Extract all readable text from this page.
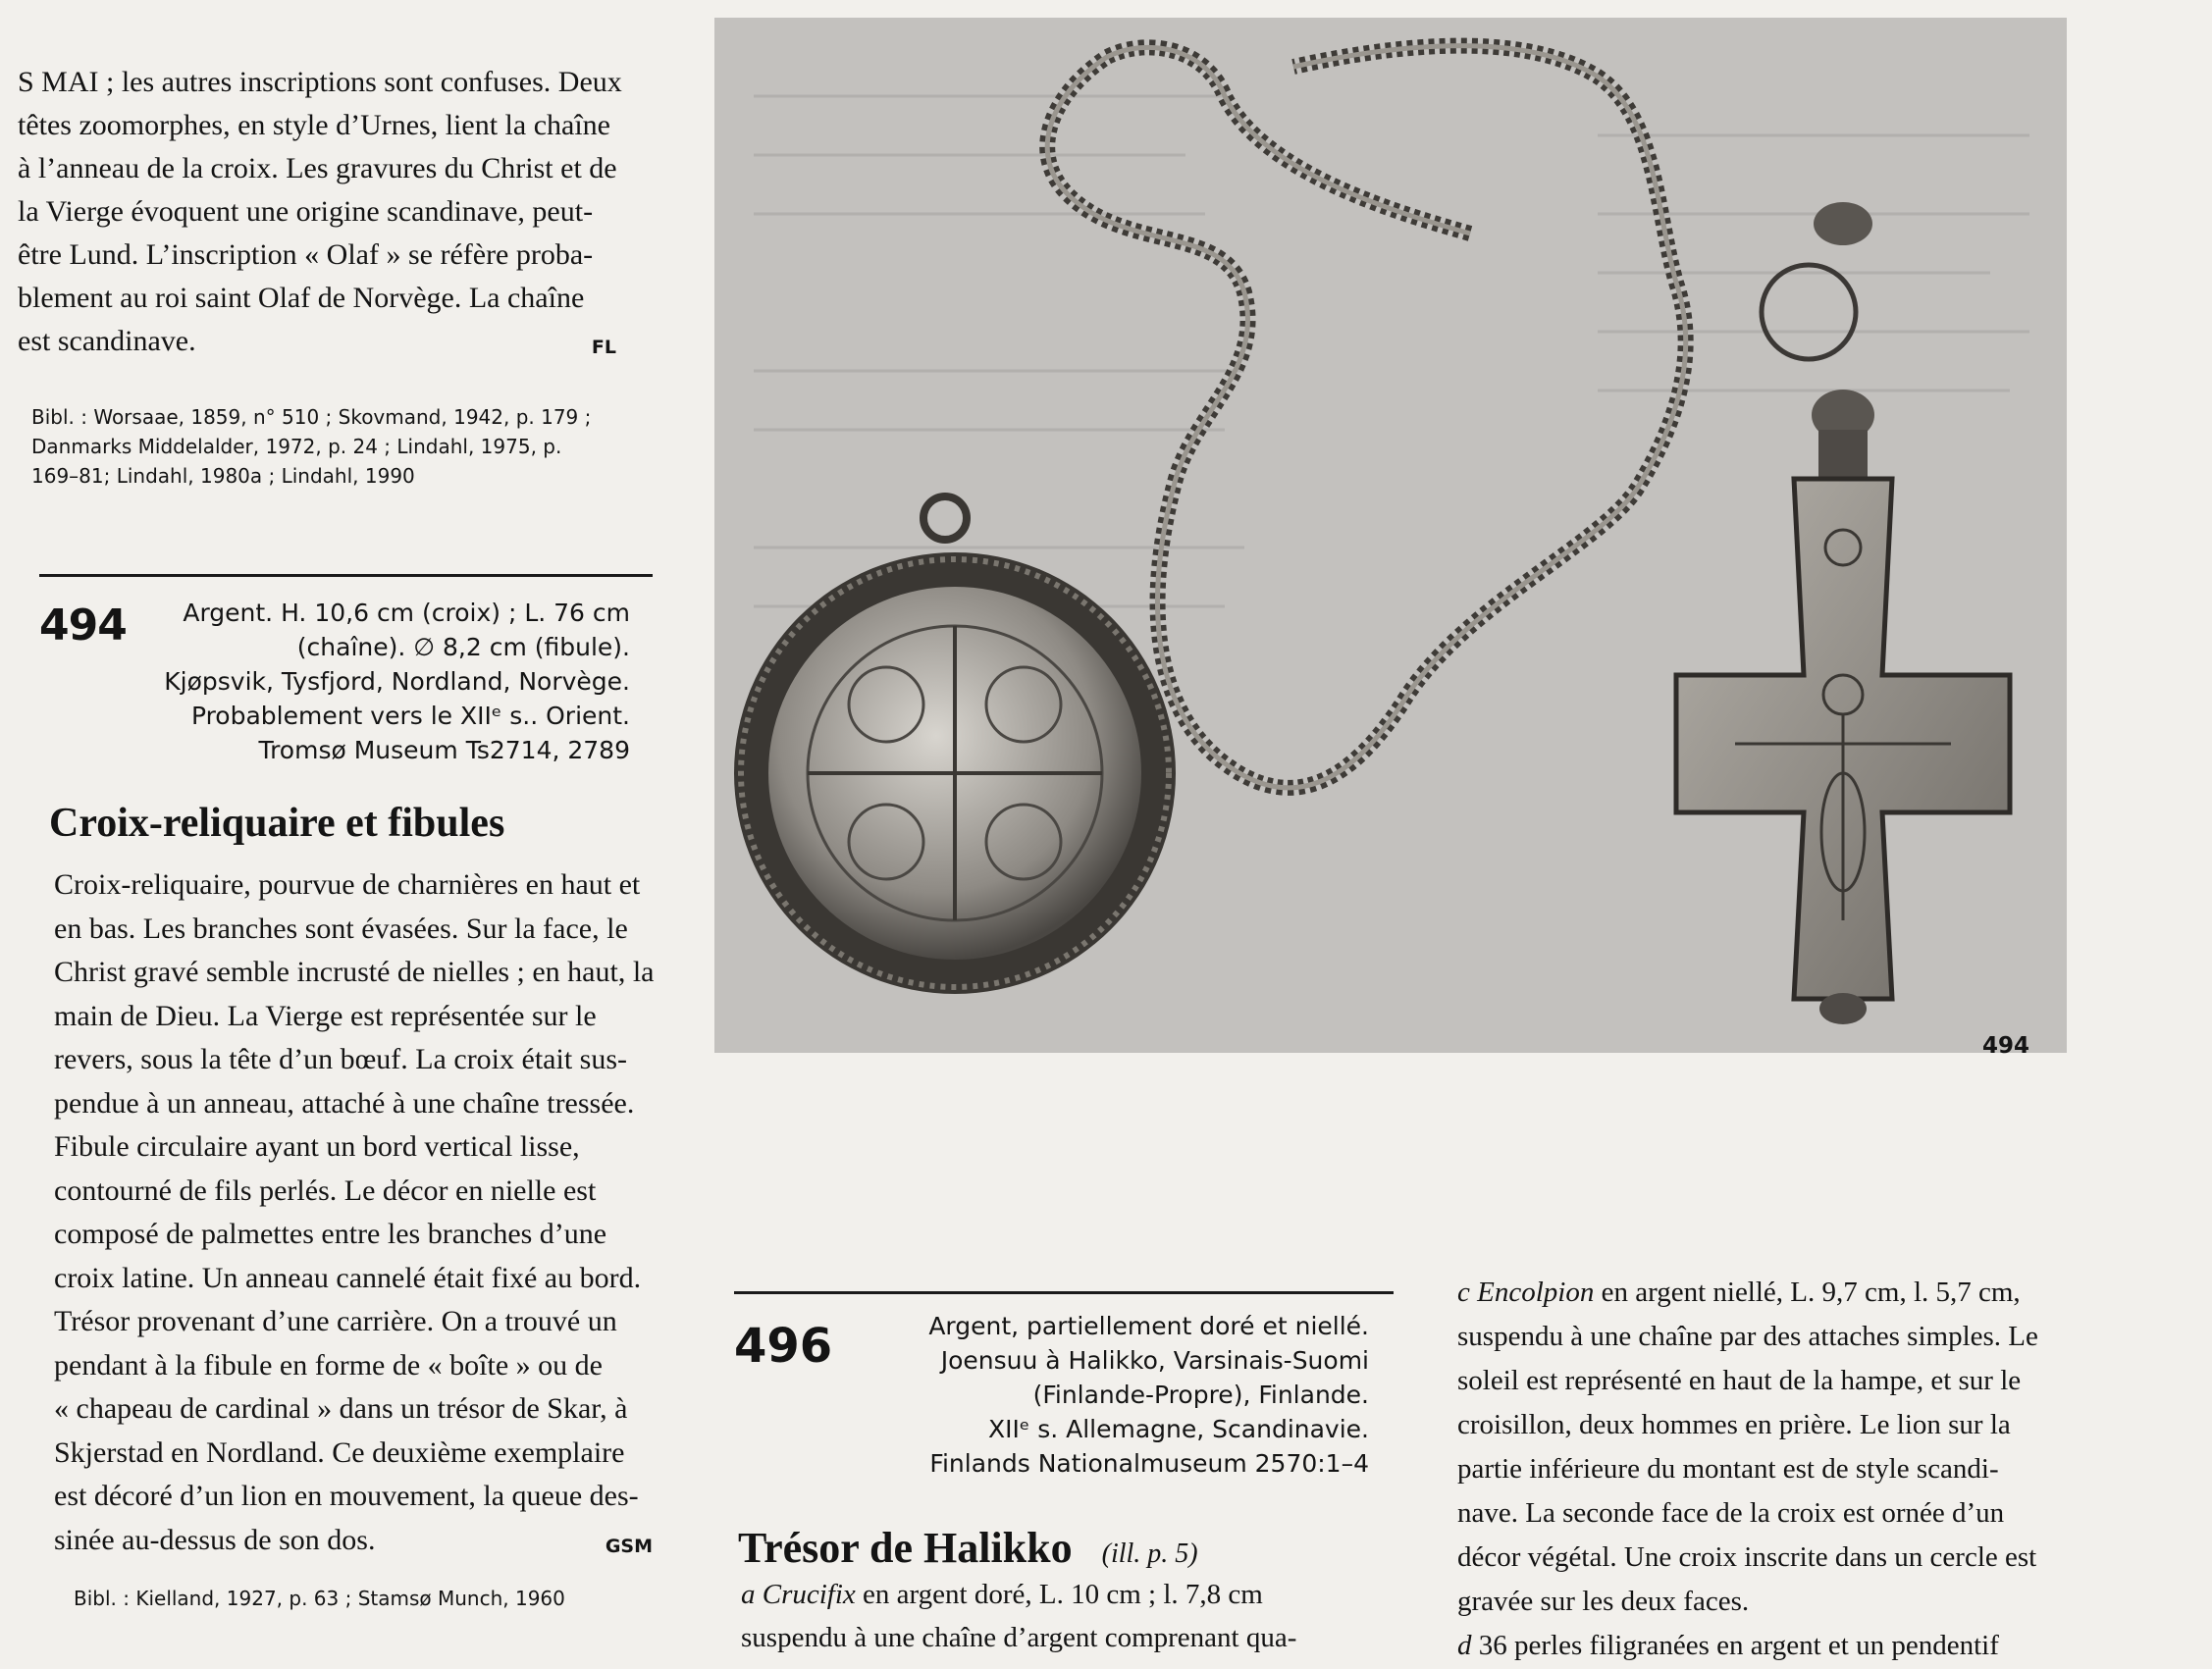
S MAI ; les autres inscriptions sont confuses. Deux
têtes zoomorphes, en style d’Urnes, lient la chaîne
à l’anneau de la croix. Les gravures du Christ et de
la Vierge évoquent une origine scandinave, peut-
être Lund. L’inscription « Olaf » se réfère proba-
blement au roi saint Olaf de Norvège. La chaîne
est scandinave.	FL
Bibl. : Worsaae, 1859, n° 510 ; Skovmand, 1942, p. 179 ;
Danmarks Middelalder, 1972, p. 24 ; Lindahl, 1975, p.
169–81; Lindahl, 1980a ; Lindahl, 1990
494	Argent. H. 10,6 cm (croix) ; L. 76 cm
(chaîne). ∅ 8,2 cm (fibule).
Kjøpsvik, Tysfjord, Nordland, Norvège.
Probablement vers le XIIᵉ s.. Orient.
Tromsø Museum Ts2714, 2789
Croix-reliquaire et fibules
Croix-reliquaire, pourvue de charnières en haut et
en bas. Les branches sont évasées. Sur la face, le
Christ gravé semble incrusté de nielles ; en haut, la
main de Dieu. La Vierge est représentée sur le
revers, sous la tête d’un bœuf. La croix était sus-
pendue à un anneau, attaché à une chaîne tressée.
Fibule circulaire ayant un bord vertical lisse,
contourné de fils perlés. Le décor en nielle est
composé de palmettes entre les branches d’une
croix latine. Un anneau cannelé était fixé au bord.
Trésor provenant d’une carrière. On a trouvé un
pendant à la fibule en forme de « boîte » ou de
« chapeau de cardinal » dans un trésor de Skar, à
Skjerstad en Nordland. Ce deuxième exemplaire
est décoré d’un lion en mouvement, la queue des-
sinée au-dessus de son dos.	GSM
Bibl. : Kielland, 1927, p. 63 ; Stamsø Munch, 1960
494
496	Argent, partiellement doré et niellé.
Joensuu à Halikko, Varsinais-Suomi
(Finlande-Propre), Finlande.
XIIᵉ s. Allemagne, Scandinavie.
Finlands Nationalmuseum 2570:1–4
Trésor de Halikko (ill. p. 5)
a Crucifix en argent doré, L. 10 cm ; l. 7,8 cm
suspendu à une chaîne d’argent comprenant qua-
c Encolpion en argent niellé, L. 9,7 cm, l. 5,7 cm,
suspendu à une chaîne par des attaches simples. Le
soleil est représenté en haut de la hampe, et sur le
croisillon, deux hommes en prière. Le lion sur la
partie inférieure du montant est de style scandi-
nave. La seconde face de la croix est ornée d’un
décor végétal. Une croix inscrite dans un cercle est
gravée sur les deux faces.
d 36 perles filigranées en argent et un pendentif
